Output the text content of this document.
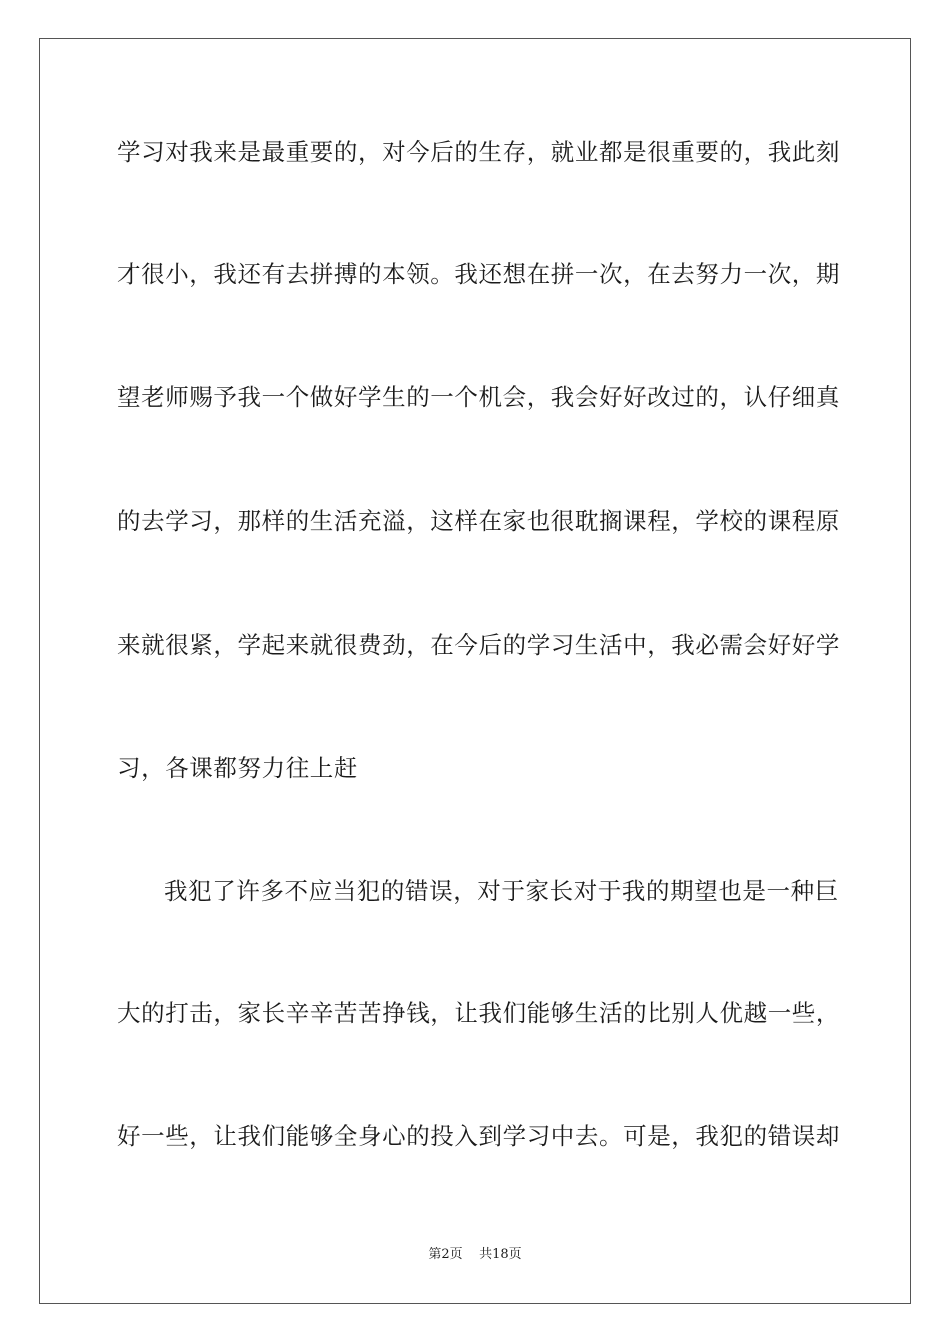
学习对我来是最重要的，对今后的生存，就业都是很重要的，我此刻
才很小，我还有去拼搏的本领。我还想在拼一次，在去努力一次，期
望老师赐予我一个做好学生的一个机会，我会好好改过的，认仔细真
的去学习，那样的生活充溢，这样在家也很耽搁课程，学校的课程原
来就很紧，学起来就很费劲，在今后的学习生活中，我必需会好好学
习，各课都努力往上赶
我犯了许多不应当犯的错误，对于家长对于我的期望也是一种巨
大的打击，家长辛辛苦苦挣钱，让我们能够生活的比别人优越一些，
好一些，让我们能够全身心的投入到学习中去。可是，我犯的错误却
第2页    共18页
